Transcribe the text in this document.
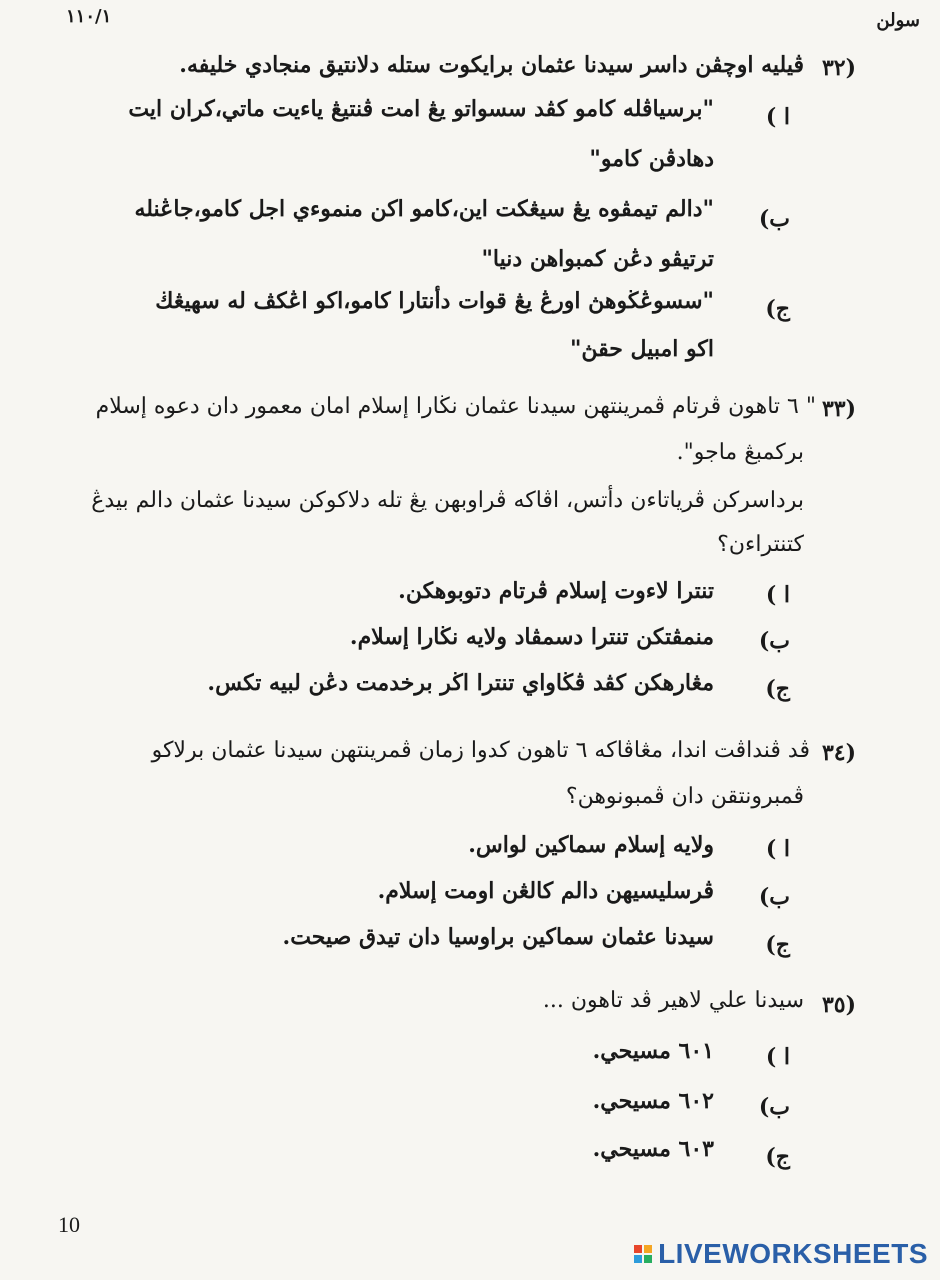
١١٠/١	سولن
٣٢)
ڤيليه اوچڤن داسر سيدنا عثمان برايكوت ستله دلانتيق منجادي خليفه.
ا )
"برسياڤله كامو كڤد سسواتو يڠ امت ڤنتيڠ ياءيت ماتي،كران ايت
دهادڤن كامو"
ب)
"دالم تيمڤوه يڠ سيڠكت اين،كامو اكن منموءي اجل كامو،جاڠنله
ترتيڤو دڠن كمبواهن دنيا"
ج)
"سسوڠڬوهڽ اورڠ يڠ قوات دأنتارا كامو،اكو اڠكڤ له سهيڠڬ
اكو امبيل حقڽ"
٣٣)
" ٦ تاهون ڤرتام ڤمرينتهن سيدنا عثمان نڬارا إسلام امان معمور دان دعوه إسلام
بركمبڠ ماجو".
برداسركن ڤرياتاءن دأتس، اڤاكه ڤراوبهن يڠ تله دلاكوكن سيدنا عثمان دالم بيدڠ
كتنتراءن؟
ا )
تنترا لاءوت إسلام ڤرتام دتوبوهكن.
ب)
منمڤتكن تنترا دسمڤاد ولايه نڬارا إسلام.
ج)
مڠارهكن كڤد ڤڬاواي تنترا اڬر برخدمت دڠن لبيه تكس.
٣٤)
ڤد ڤنداڤت اندا، مڠاڤاكه ٦ تاهون كدوا زمان ڤمرينتهن سيدنا عثمان برلاكو
ڤمبرونتقن دان ڤمبونوهن؟
ا )
ولايه إسلام سماكين لواس.
ب)
ڤرسليسيهن دالم كالڠن اومت إسلام.
ج)
سيدنا عثمان سماكين براوسيا دان تيدق صيحت.
٣٥)
سيدنا علي لاهير ڤد تاهون ...
ا )
٦٠١ مسيحي.
ب)
٦٠٢ مسيحي.
ج)
٦٠٣ مسيحي.
10
LIVEWORKSHEETS
